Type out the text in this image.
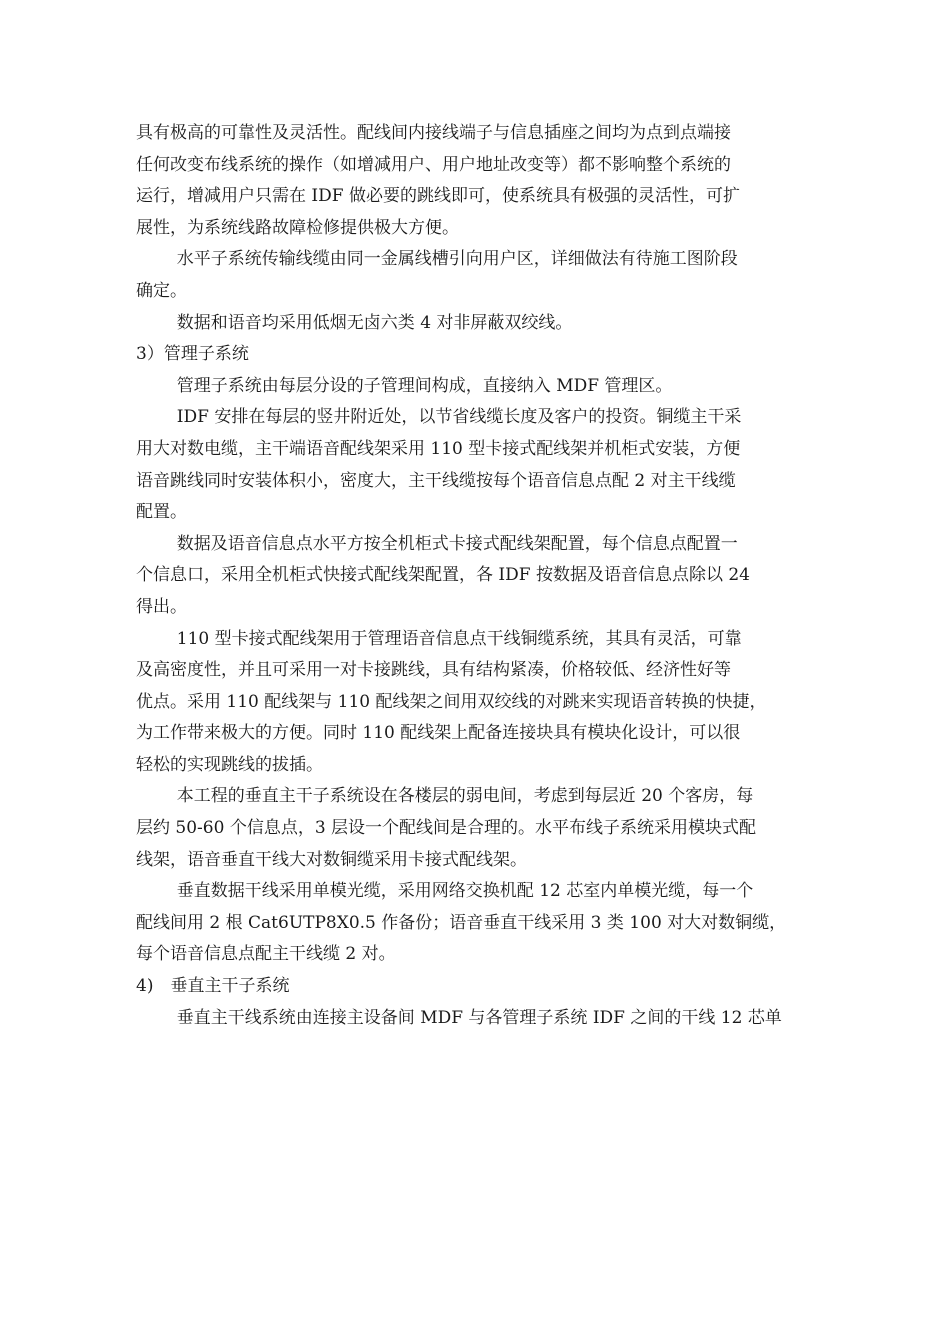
具有极高的可靠性及灵活性。配线间内接线端子与信息插座之间均为点到点端接
任何改变布线系统的操作（如增减用户、用户地址改变等）都不影响整个系统的
运行，增减用户只需在 IDF 做必要的跳线即可，使系统具有极强的灵活性，可扩
展性，为系统线路故障检修提供极大方便。
水平子系统传输线缆由同一金属线槽引向用户区，详细做法有待施工图阶段
确定。
数据和语音均采用低烟无卤六类 4 对非屏蔽双绞线。
3）管理子系统
管理子系统由每层分设的子管理间构成，直接纳入 MDF 管理区。
IDF 安排在每层的竖井附近处，以节省线缆长度及客户的投资。铜缆主干采
用大对数电缆，主干端语音配线架采用 110 型卡接式配线架并机柜式安装，方便
语音跳线同时安装体积小，密度大，主干线缆按每个语音信息点配 2 对主干线缆
配置。
数据及语音信息点水平方按全机柜式卡接式配线架配置，每个信息点配置一
个信息口，采用全机柜式快接式配线架配置，各 IDF 按数据及语音信息点除以 24
得出。
110 型卡接式配线架用于管理语音信息点干线铜缆系统，其具有灵活，可靠
及高密度性，并且可采用一对卡接跳线，具有结构紧凑，价格较低、经济性好等
优点。采用 110 配线架与 110 配线架之间用双绞线的对跳来实现语音转换的快捷，
为工作带来极大的方便。同时 110 配线架上配备连接块具有模块化设计，可以很
轻松的实现跳线的拔插。
本工程的垂直主干子系统设在各楼层的弱电间，考虑到每层近 20 个客房，每
层约 50-60 个信息点，3 层设一个配线间是合理的。水平布线子系统采用模块式配
线架，语音垂直干线大对数铜缆采用卡接式配线架。
垂直数据干线采用单模光缆，采用网络交换机配 12 芯室内单模光缆，每一个
配线间用 2 根 Cat6UTP8X0.5 作备份；语音垂直干线采用 3 类 100 对大对数铜缆，
每个语音信息点配主干线缆 2 对。
4)　垂直主干子系统
垂直主干线系统由连接主设备间 MDF 与各管理子系统 IDF 之间的干线 12 芯单
